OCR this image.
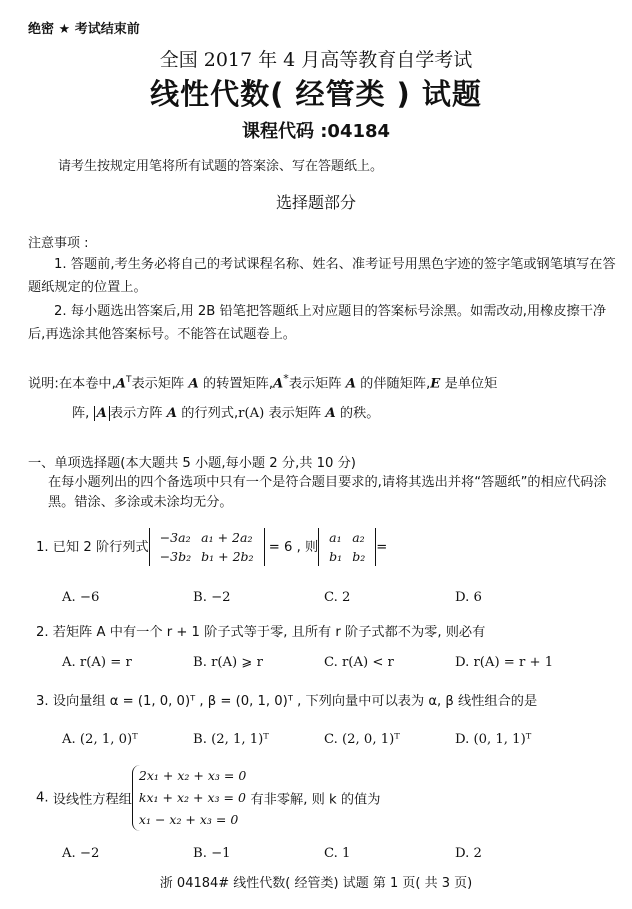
绝密 ★ 考试结束前
全国 2017 年 4 月高等教育自学考试
线性代数( 经管类 ) 试题
课程代码 :04184
请考生按规定用笔将所有试题的答案涂、写在答题纸上。
选择题部分
注意事项 :
1. 答题前,考生务必将自己的考试课程名称、姓名、准考证号用黑色字迹的签字笔或钢笔填写在答题纸规定的位置上。
2. 每小题选出答案后,用 2B 铅笔把答题纸上对应题目的答案标号涂黑。如需改动,用橡皮擦干净后,再选涂其他答案标号。不能答在试题卷上。
说明:在本卷中$,A^T$表示矩阵 A 的转置矩阵,A*表示矩阵 A 的伴随矩阵,E 是单位矩
阵, A 表示方阵 A 的行列式,r(A) 表示矩阵 A 的秩。
一、单项选择题(本大题共 5 小题,每小题 2 分,共 10 分)
在每小题列出的四个备选项中只有一个是符合题目要求的,请将其选出并将“答题纸”的相应代码涂黑。错涂、多涂或未涂均无分。
1. 已知 2 阶行列式
−3a₂	a₁ + 2a₂
−3b₂	b₁ + 2b₂
= 6 , 则
a₁	a₂
b₁	b₂
=
A. −6	B. −2	C. 2	D. 6
2. 若矩阵 A 中有一个 r + 1 阶子式等于零, 且所有 r 阶子式都不为零, 则必有
A. r(A) = r	B. r(A) ⩾ r	C. r(A) < r	D. r(A) = r + 1
3. 设向量组 α = (1, 0, 0)ᵀ , β = (0, 1, 0)ᵀ , 下列向量中可以表为 α, β 线性组合的是
A. (2, 1, 0)ᵀ	B. (2, 1, 1)ᵀ	C. (2, 0, 1)ᵀ	D. (0, 1, 1)ᵀ
4. 设线性方程组
2x₁ + x₂ + x₃ = 0
kx₁ + x₂ + x₃ = 0
x₁ − x₂ + x₃ = 0
有非零解, 则 k 的值为
A. −2	B. −1	C. 1	D. 2
浙 04184# 线性代数( 经管类) 试题 第 1 页( 共 3 页)
